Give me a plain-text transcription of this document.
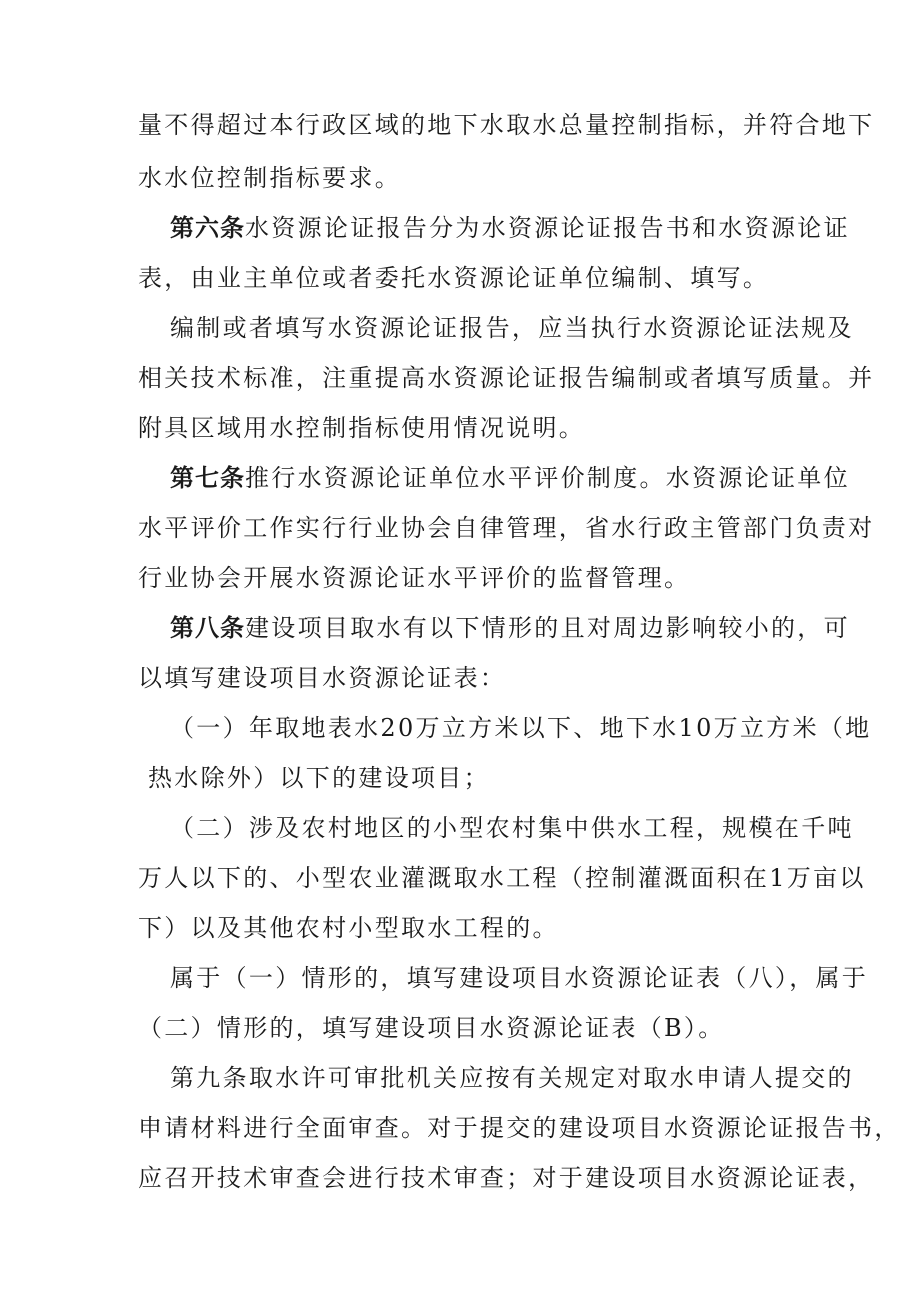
量不得超过本行政区域的地下水取水总量控制指标，并符合地下
水水位控制指标要求。
第六条水资源论证报告分为水资源论证报告书和水资源论证
表，由业主单位或者委托水资源论证单位编制、填写。
编制或者填写水资源论证报告，应当执行水资源论证法规及
相关技术标准，注重提高水资源论证报告编制或者填写质量。并
附具区域用水控制指标使用情况说明。
第七条推行水资源论证单位水平评价制度。水资源论证单位
水平评价工作实行行业协会自律管理，省水行政主管部门负责对
行业协会开展水资源论证水平评价的监督管理。
第八条建设项目取水有以下情形的且对周边影响较小的，可
以填写建设项目水资源论证表：
（一）年取地表水20万立方米以下、地下水10万立方米（地
热水除外）以下的建设项目；
（二）涉及农村地区的小型农村集中供水工程，规模在千吨
万人以下的、小型农业灌溉取水工程（控制灌溉面积在1万亩以
下）以及其他农村小型取水工程的。
属于（一）情形的，填写建设项目水资源论证表（八），属于
（二）情形的，填写建设项目水资源论证表（B）。
第九条取水许可审批机关应按有关规定对取水申请人提交的
申请材料进行全面审查。对于提交的建设项目水资源论证报告书，
应召开技术审查会进行技术审查；对于建设项目水资源论证表，
